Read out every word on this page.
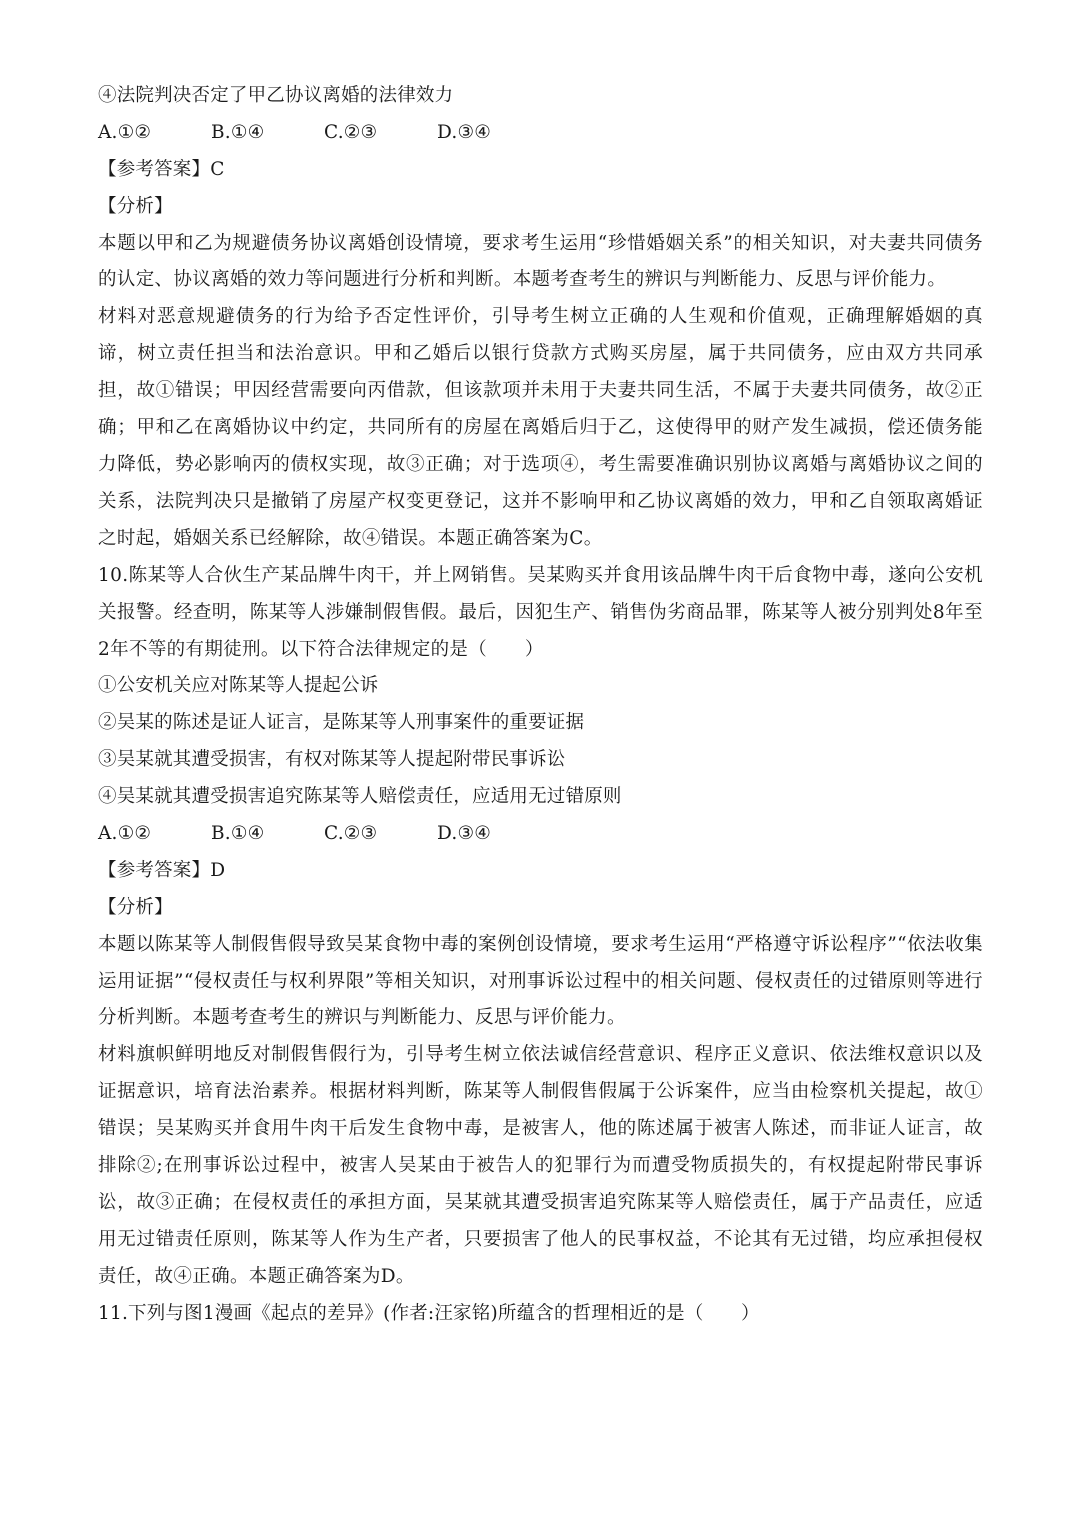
④法院判决否定了甲乙协议离婚的法律效力
A.①②	B.①④	C.②③	D.③④
【参考答案】C
【分析】
本题以甲和乙为规避债务协议离婚创设情境，要求考生运用“珍惜婚姻关系”的相关知识，对夫妻共同债务的认定、协议离婚的效力等问题进行分析和判断。本题考查考生的辨识与判断能力、反思与评价能力。
材料对恶意规避债务的行为给予否定性评价，引导考生树立正确的人生观和价值观，正确理解婚姻的真谛，树立责任担当和法治意识。甲和乙婚后以银行贷款方式购买房屋，属于共同债务，应由双方共同承担，故①错误；甲因经营需要向丙借款，但该款项并未用于夫妻共同生活，不属于夫妻共同债务，故②正确；甲和乙在离婚协议中约定，共同所有的房屋在离婚后归于乙，这使得甲的财产发生减损，偿还债务能力降低，势必影响丙的债权实现，故③正确；对于选项④，考生需要准确识别协议离婚与离婚协议之间的关系，法院判决只是撤销了房屋产权变更登记，这并不影响甲和乙协议离婚的效力，甲和乙自领取离婚证之时起，婚姻关系已经解除，故④错误。本题正确答案为C。
10.陈某等人合伙生产某品牌牛肉干，并上网销售。吴某购买并食用该品牌牛肉干后食物中毒，遂向公安机关报警。经查明，陈某等人涉嫌制假售假。最后，因犯生产、销售伪劣商品罪，陈某等人被分别判处8年至2年不等的有期徒刑。以下符合法律规定的是（　　）
①公安机关应对陈某等人提起公诉
②吴某的陈述是证人证言，是陈某等人刑事案件的重要证据
③吴某就其遭受损害，有权对陈某等人提起附带民事诉讼
④吴某就其遭受损害追究陈某等人赔偿责任，应适用无过错原则
A.①②	B.①④	C.②③	D.③④
【参考答案】D
【分析】
本题以陈某等人制假售假导致吴某食物中毒的案例创设情境，要求考生运用“严格遵守诉讼程序”“依法收集运用证据”“侵权责任与权利界限”等相关知识，对刑事诉讼过程中的相关问题、侵权责任的过错原则等进行分析判断。本题考查考生的辨识与判断能力、反思与评价能力。
材料旗帜鲜明地反对制假售假行为，引导考生树立依法诚信经营意识、程序正义意识、依法维权意识以及证据意识，培育法治素养。根据材料判断，陈某等人制假售假属于公诉案件，应当由检察机关提起，故①错误；吴某购买并食用牛肉干后发生食物中毒，是被害人，他的陈述属于被害人陈述，而非证人证言，故排除②;在刑事诉讼过程中，被害人吴某由于被告人的犯罪行为而遭受物质损失的，有权提起附带民事诉讼，故③正确；在侵权责任的承担方面，吴某就其遭受损害追究陈某等人赔偿责任，属于产品责任，应适用无过错责任原则，陈某等人作为生产者，只要损害了他人的民事权益，不论其有无过错，均应承担侵权责任，故④正确。本题正确答案为D。
11.下列与图1漫画《起点的差异》(作者:汪家铭)所蕴含的哲理相近的是（　　）
